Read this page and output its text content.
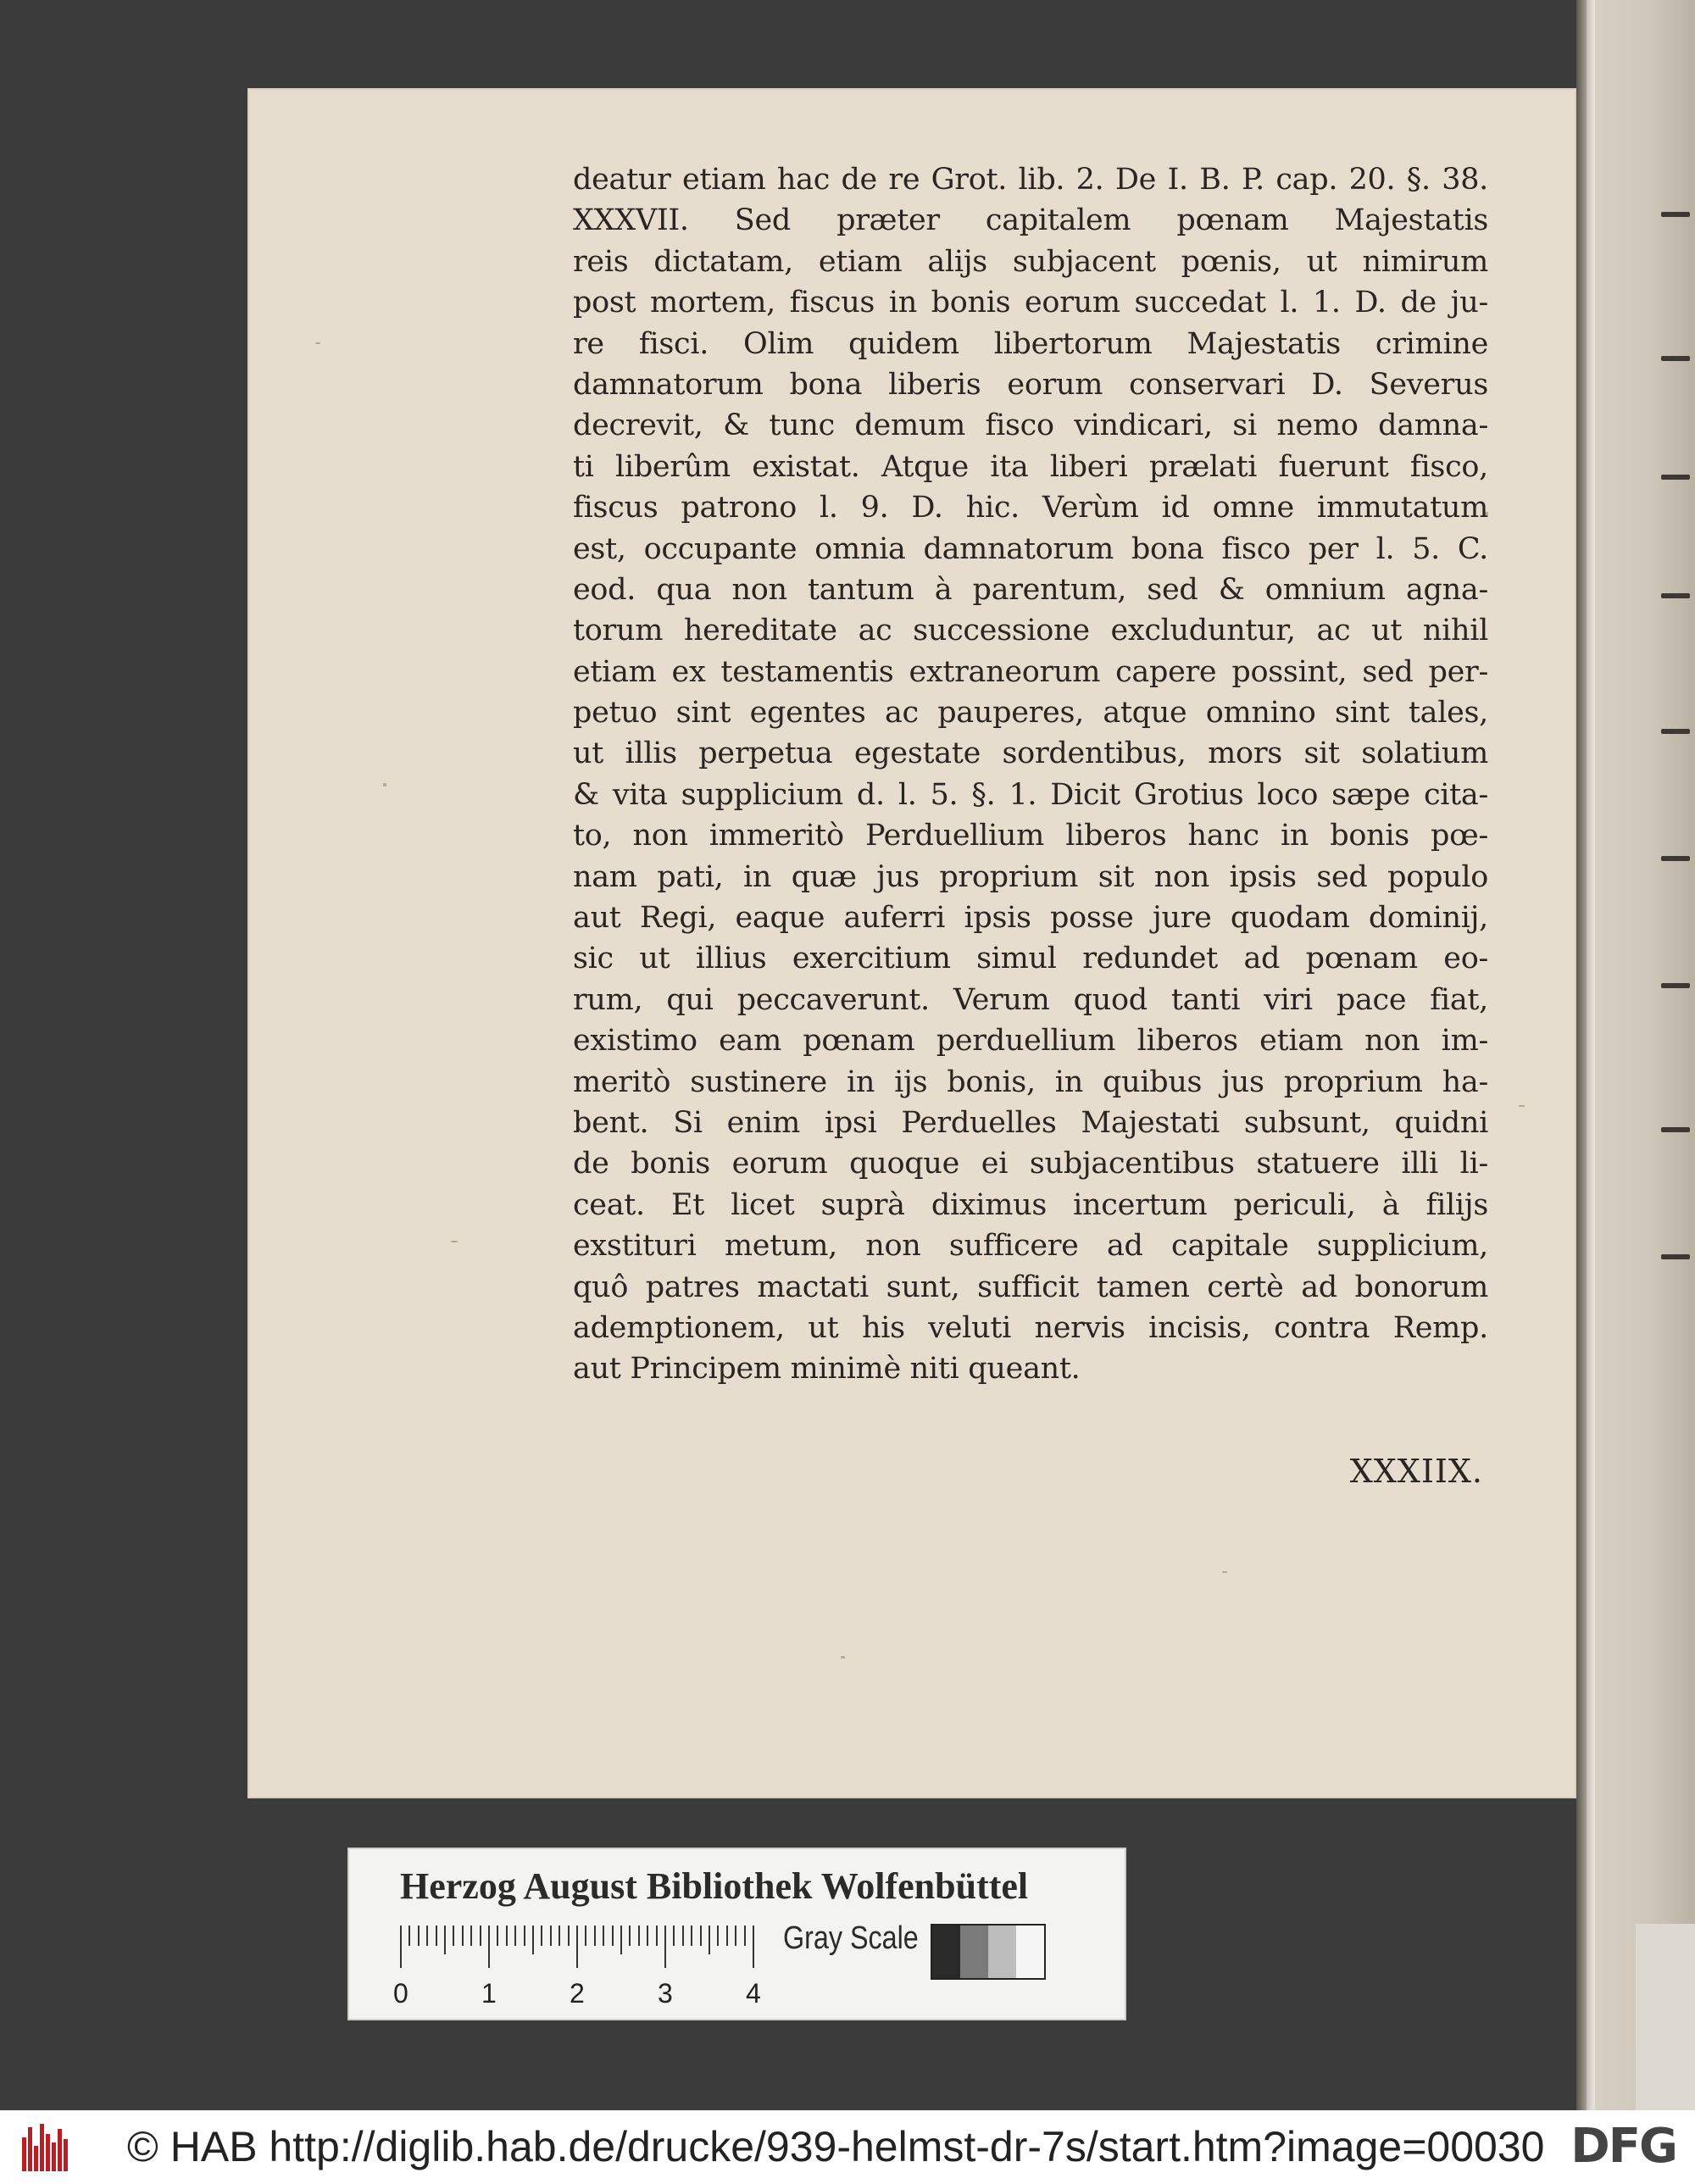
deatur etiam hac de re Grot. lib. 2. De I. B. P. cap. 20. §. 38.
XXXVII. Sed præter capitalem pœnam Majestatis
reis dictatam, etiam alijs subjacent pœnis, ut nimirum
post mortem, fiscus in bonis eorum succedat l. 1. D. de ju-
re fisci. Olim quidem libertorum Majestatis crimine
damnatorum bona liberis eorum conservari D. Severus
decrevit, & tunc demum fisco vindicari, si nemo damna-
ti liberûm existat. Atque ita liberi prælati fuerunt fisco,
fiscus patrono l. 9. D. hic. Verùm id omne immutatum
est, occupante omnia damnatorum bona fisco per l. 5. C.
eod. qua non tantum à parentum, sed & omnium agna-
torum hereditate ac successione excluduntur, ac ut nihil
etiam ex testamentis extraneorum capere possint, sed per-
petuo sint egentes ac pauperes, atque omnino sint tales,
ut illis perpetua egestate sordentibus, mors sit solatium
& vita supplicium d. l. 5. §. 1. Dicit Grotius loco sæpe cita-
to, non immeritò Perduellium liberos hanc in bonis pœ-
nam pati, in quæ jus proprium sit non ipsis sed populo
aut Regi, eaque auferri ipsis posse jure quodam dominij,
sic ut illius exercitium simul redundet ad pœnam eo-
rum, qui peccaverunt. Verum quod tanti viri pace fiat,
existimo eam pœnam perduellium liberos etiam non im-
meritò sustinere in ijs bonis, in quibus jus proprium ha-
bent. Si enim ipsi Perduelles Majestati subsunt, quidni
de bonis eorum quoque ei subjacentibus statuere illi li-
ceat. Et licet suprà diximus incertum periculi, à filijs
exstituri metum, non sufficere ad capitale supplicium,
quô patres mactati sunt, sufficit tamen certè ad bonorum
ademptionem, ut his veluti nervis incisis, contra Remp.
aut Principem minimè niti queant.
XXXIIX.
Herzog August Bibliothek Wolfenbüttel
0	1	2	3	4
Gray Scale
© HAB http://diglib.hab.de/drucke/939-helmst-dr-7s/start.htm?image=00030 DFG
